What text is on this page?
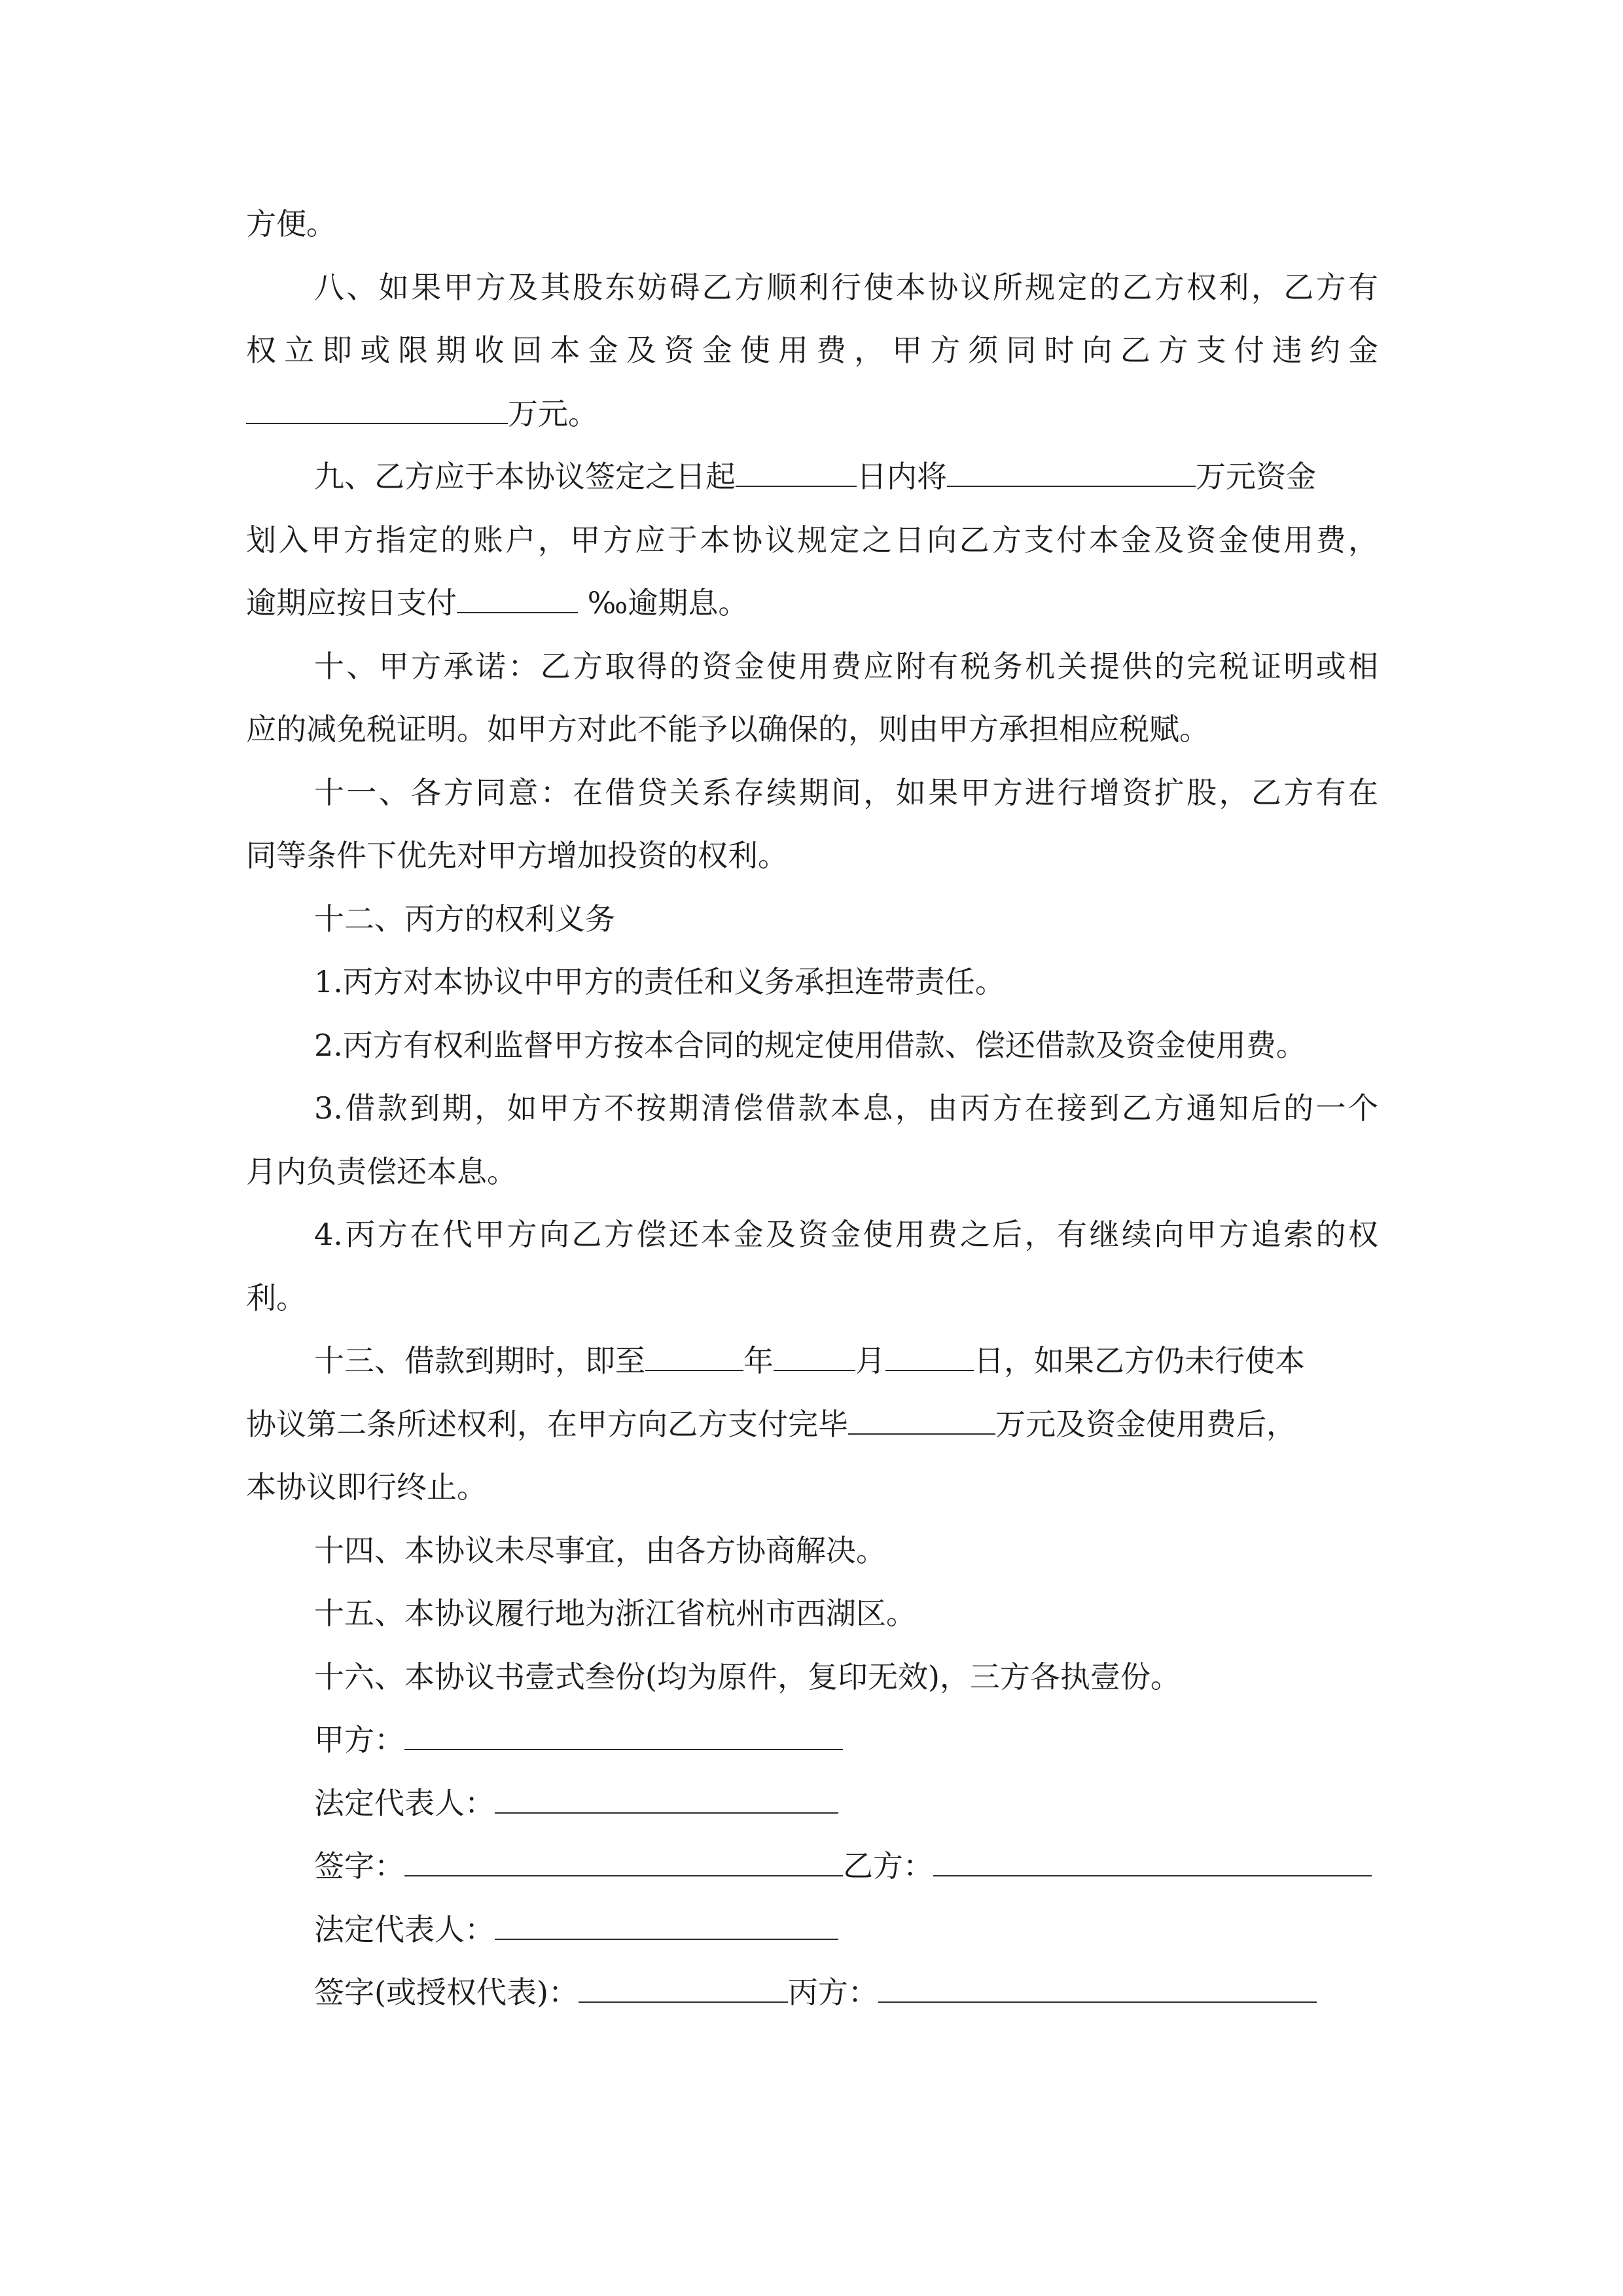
方便。
八、如果甲方及其股东妨碍乙方顺利行使本协议所规定的乙方权利，乙方有
权立即或限期收回本金及资金使用费，甲方须同时向乙方支付违约金
万元。
九、乙方应于本协议签定之日起	日内将	万元资金
划入甲方指定的账户，甲方应于本协议规定之日向乙方支付本金及资金使用费，
逾期应按日支付	‰逾期息。
十、甲方承诺：乙方取得的资金使用费应附有税务机关提供的完税证明或相
应的减免税证明。如甲方对此不能予以确保的，则由甲方承担相应税赋。
十一、各方同意：在借贷关系存续期间，如果甲方进行增资扩股，乙方有在
同等条件下优先对甲方增加投资的权利。
十二、丙方的权利义务
1.丙方对本协议中甲方的责任和义务承担连带责任。
2.丙方有权利监督甲方按本合同的规定使用借款、偿还借款及资金使用费。
3.借款到期，如甲方不按期清偿借款本息，由丙方在接到乙方通知后的一个
月内负责偿还本息。
4.丙方在代甲方向乙方偿还本金及资金使用费之后，有继续向甲方追索的权
利。
十三、借款到期时，即至	年	月	日，如果乙方仍未行使本
协议第二条所述权利，在甲方向乙方支付完毕	万元及资金使用费后，
本协议即行终止。
十四、本协议未尽事宜，由各方协商解决。
十五、本协议履行地为浙江省杭州市西湖区。
十六、本协议书壹式叁份(均为原件，复印无效)，三方各执壹份。
甲方：
法定代表人：
签字：	乙方：
法定代表人：
签字(或授权代表)：	丙方：
